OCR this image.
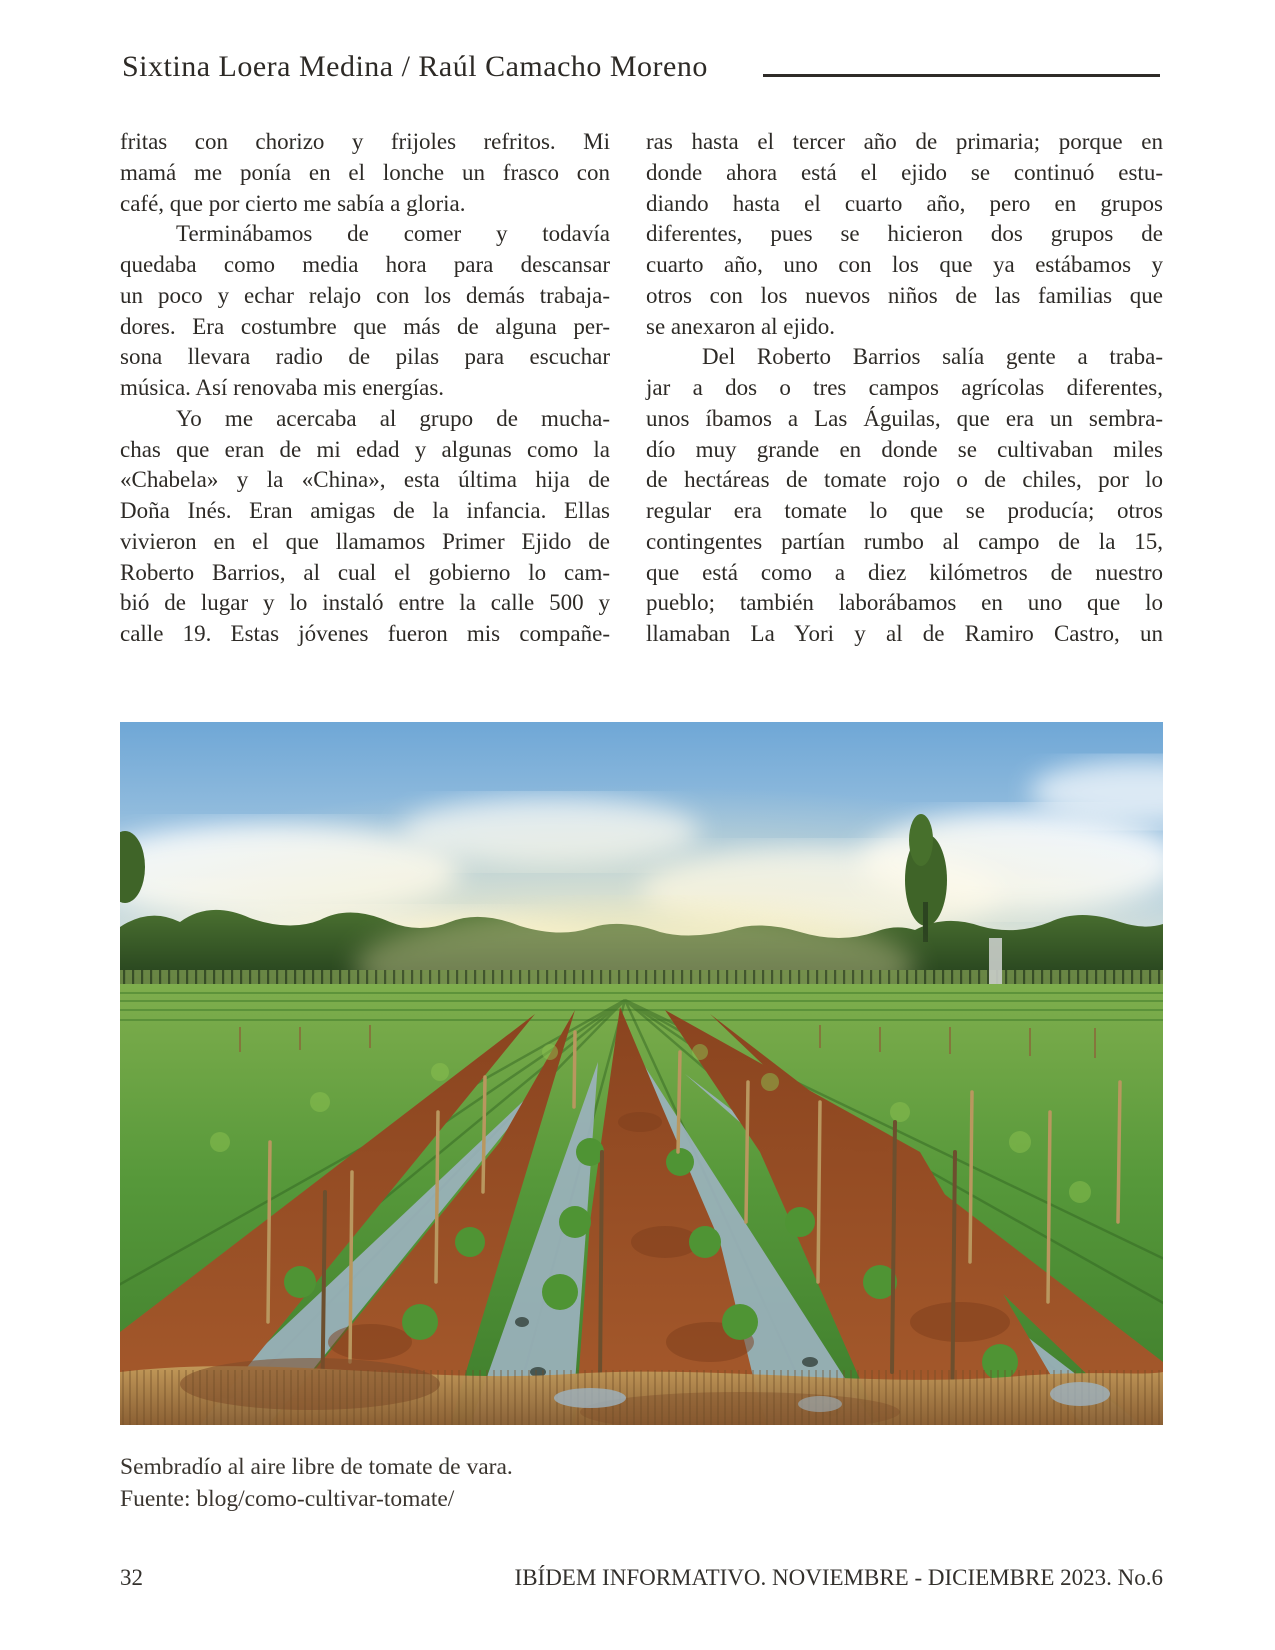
Sixtina Loera Medina / Raúl Camacho Moreno
fritas con chorizo y frijoles refritos. Mi
mamá me ponía en el lonche un frasco con
café, que por cierto me sabía a gloria.
Terminábamos de comer y todavía
quedaba como media hora para descansar
un poco y echar relajo con los demás trabaja-
dores. Era costumbre que más de alguna per-
sona llevara radio de pilas para escuchar
música. Así renovaba mis energías.
Yo me acercaba al grupo de mucha-
chas que eran de mi edad y algunas como la
«Chabela» y la «China», esta última hija de
Doña Inés. Eran amigas de la infancia. Ellas
vivieron en el que llamamos Primer Ejido de
Roberto Barrios, al cual el gobierno lo cam-
bió de lugar y lo instaló entre la calle 500 y
calle 19. Estas jóvenes fueron mis compañe-
ras hasta el tercer año de primaria; porque en
donde ahora está el ejido se continuó estu-
diando hasta el cuarto año, pero en grupos
diferentes, pues se hicieron dos grupos de
cuarto año, uno con los que ya estábamos y
otros con los nuevos niños de las familias que
se anexaron al ejido.
Del Roberto Barrios salía gente a traba-
jar a dos o tres campos agrícolas diferentes,
unos íbamos a Las Águilas, que era un sembra-
dío muy grande en donde se cultivaban miles
de hectáreas de tomate rojo o de chiles, por lo
regular era tomate lo que se producía; otros
contingentes partían rumbo al campo de la 15,
que está como a diez kilómetros de nuestro
pueblo; también laborábamos en uno que lo
llamaban La Yori y al de Ramiro Castro, un
Sembradío al aire libre de tomate de vara.
Fuente: blog/como-cultivar-tomate/
32	IBÍDEM INFORMATIVO. NOVIEMBRE - DICIEMBRE 2023. No.6
